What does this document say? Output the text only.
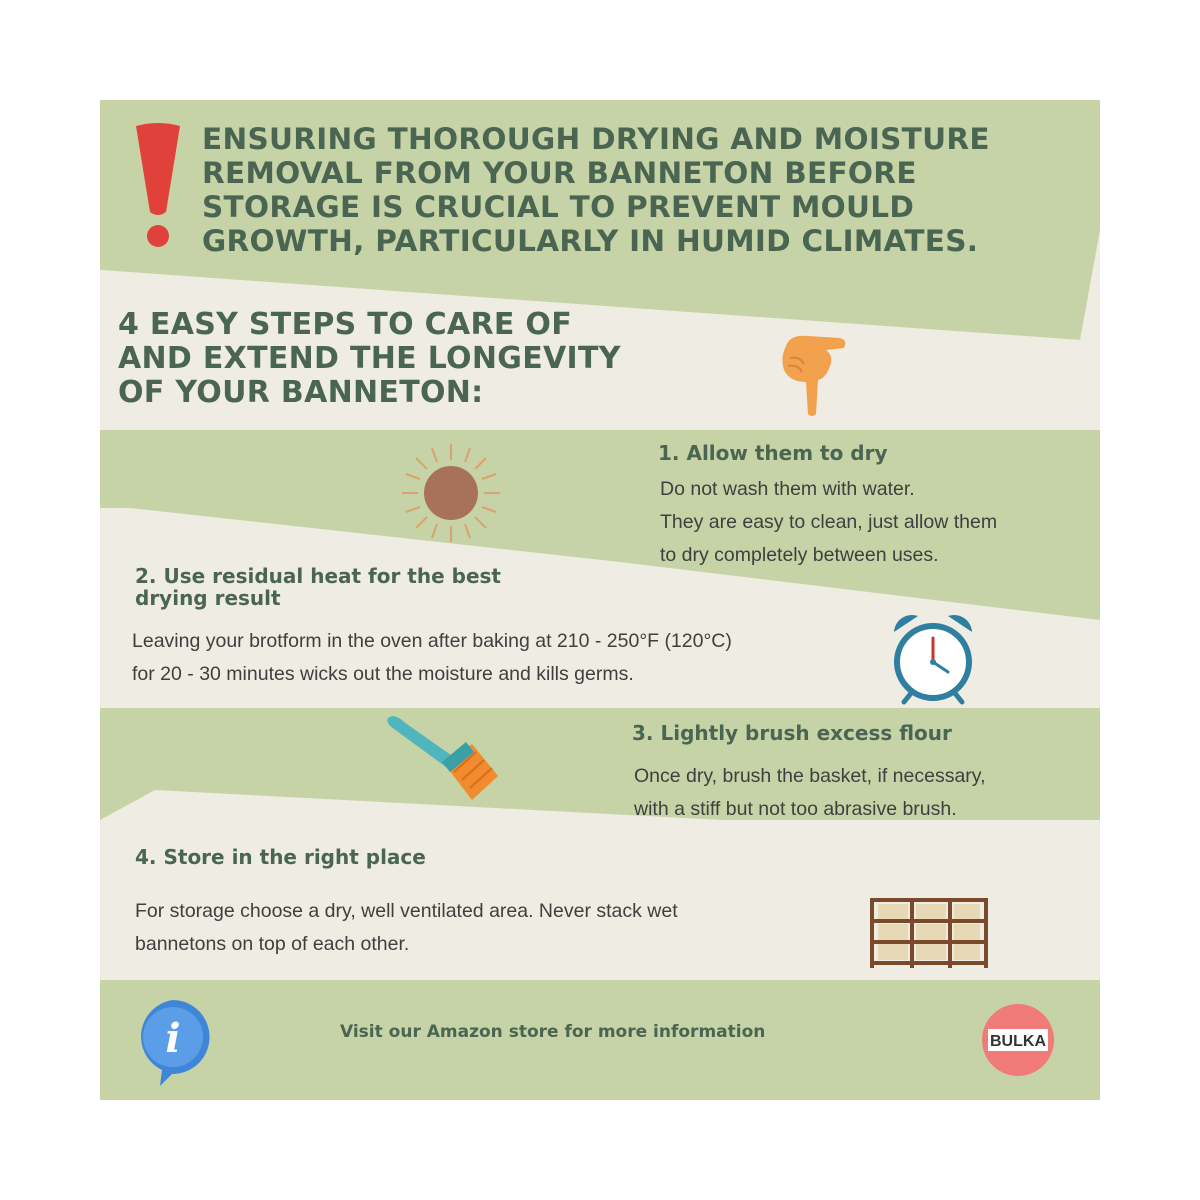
ENSURING THOROUGH DRYING AND MOISTURE
REMOVAL FROM YOUR BANNETON BEFORE
STORAGE IS CRUCIAL TO PREVENT MOULD
GROWTH, PARTICULARLY IN HUMID CLIMATES.

4 EASY STEPS TO CARE OF
AND EXTEND THE LONGEVITY
OF YOUR BANNETON:

1. Allow them to dry

Do not wash them with water.
They are easy to clean, just allow them
to dry completely between uses.

2. Use residual heat for the best
drying result

Leaving your brotform in the oven after baking at 210 - 250°F (120°C)
for 20 - 30 minutes wicks out the moisture and kills germs.

3. Lightly brush excess flour

Once dry, brush the basket, if necessary,
with a stiff but not too abrasive brush.

4. Store in the right place

For storage choose a dry, well ventilated area. Never stack wet
bannetons on top of each other.

i	Visit our Amazon store for more information	BULKA
